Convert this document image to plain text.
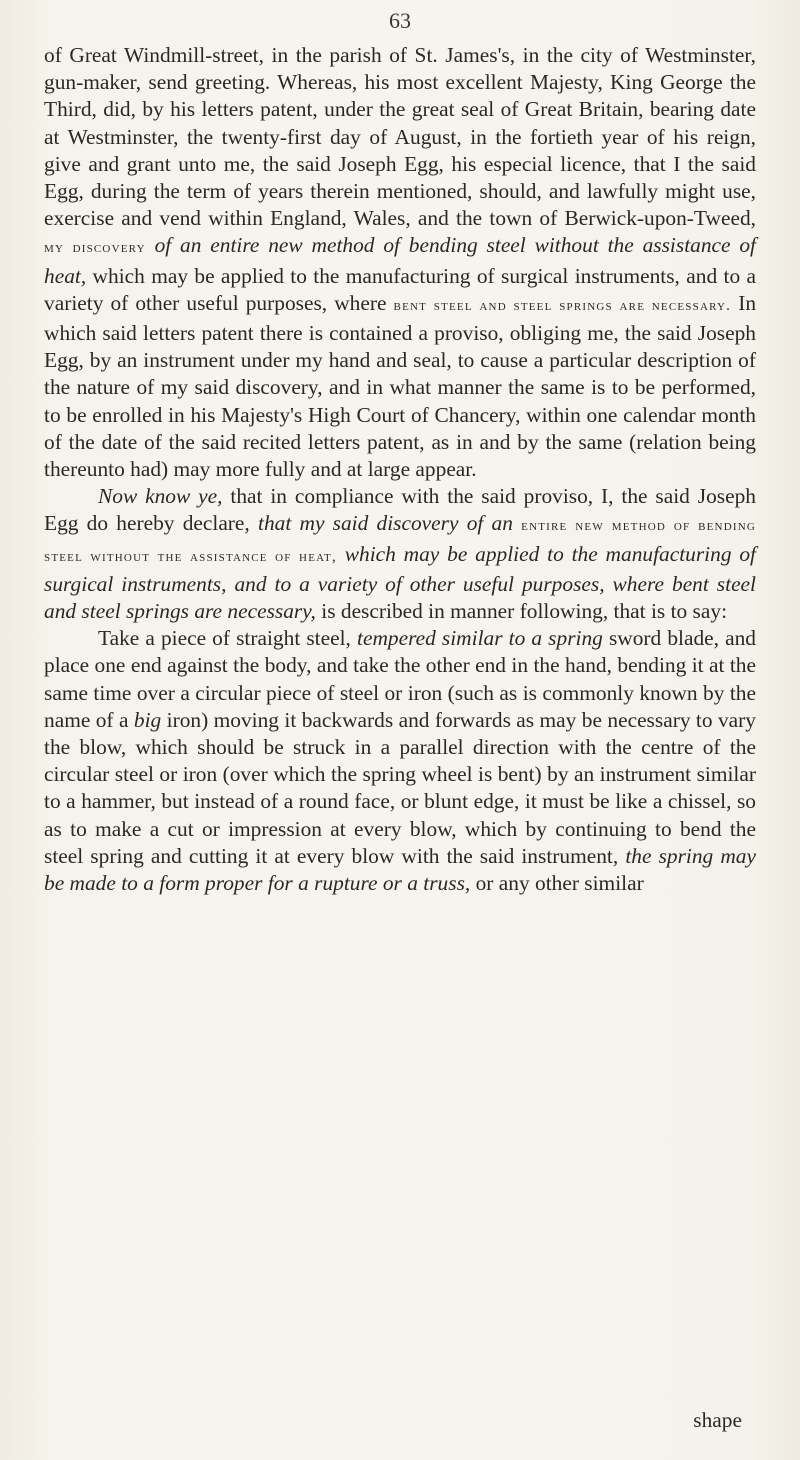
63

of Great Windmill-street, in the parish of St. James's, in the city of Westminster, gun-maker, send greeting. Whereas, his most excellent Majesty, King George the Third, did, by his letters patent, under the great seal of Great Britain, bearing date at Westminster, the twenty-first day of August, in the fortieth year of his reign, give and grant unto me, the said Joseph Egg, his especial licence, that I the said Egg, during the term of years therein mentioned, should, and lawfully might use, exercise and vend within England, Wales, and the town of Berwick-upon-Tweed, my discovery of an entire new method of bending steel without the assistance of heat, which may be applied to the manufacturing of surgical instruments, and to a variety of other useful purposes, where bent steel and steel springs are necessary. In which said letters patent there is contained a proviso, obliging me, the said Joseph Egg, by an instrument under my hand and seal, to cause a particular description of the nature of my said discovery, and in what manner the same is to be performed, to be enrolled in his Majesty's High Court of Chancery, within one calendar month of the date of the said recited letters patent, as in and by the same (relation being thereunto had) may more fully and at large appear.

Now know ye, that in compliance with the said proviso, I, the said Joseph Egg do hereby declare, that my said discovery of an entire new method of bending steel without the assistance of heat, which may be applied to the manufacturing of surgical instruments, and to a variety of other useful purposes, where bent steel and steel springs are necessary, is described in manner following, that is to say:

Take a piece of straight steel, tempered similar to a spring sword blade, and place one end against the body, and take the other end in the hand, bending it at the same time over a circular piece of steel or iron (such as is commonly known by the name of a big iron) moving it backwards and forwards as may be necessary to vary the blow, which should be struck in a parallel direction with the centre of the circular steel or iron (over which the spring wheel is bent) by an instrument similar to a hammer, but instead of a round face, or blunt edge, it must be like a chissel, so as to make a cut or impression at every blow, which by continuing to bend the steel spring and cutting it at every blow with the said instrument, the spring may be made to a form proper for a rupture or a truss, or any other similar

shape
